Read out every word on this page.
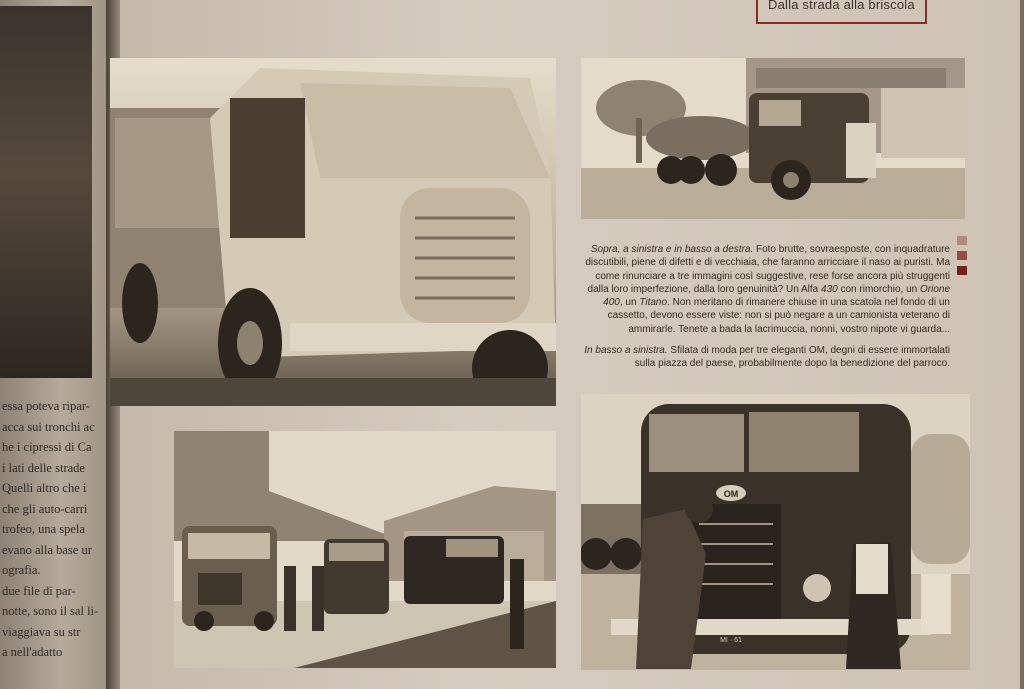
essa poteva ripar-
acca sui tronchi ac
he i cipressi di Ca
i lati delle strade
Quelli altro che i
che gli auto-carri
trofeo, una spela
evano alla base ur
ografia.
due file di par-
notte, sono il sal li-
viaggiava su str
a nell'adatto
Dalla strada alla briscola
OM
MI · 61

Sopra, a sinistra e in basso a destra. Foto brutte, sovraesposte, con inquadrature discutibili, piene di difetti e di vecchiaia, che faranno arricciare il naso ai puristi. Ma come rinunciare a tre immagini così suggestive, rese forse ancora più struggenti dalla loro imperfezione, dalla loro genuinità? Un Alfa 430 con rimorchio, un Orione 400, un Titano. Non meritano di rimanere chiuse in una scatola nel fondo di un cassetto, devono essere viste: non si può negare a un camionista veterano di ammirarle. Tenete a bada la lacrimuccia, nonni, vostro nipote vi guarda...

In basso a sinistra. Sfilata di moda per tre eleganti OM, degni di essere immortalati sulla piazza del paese, probabilmente dopo la benedizione del parroco.
